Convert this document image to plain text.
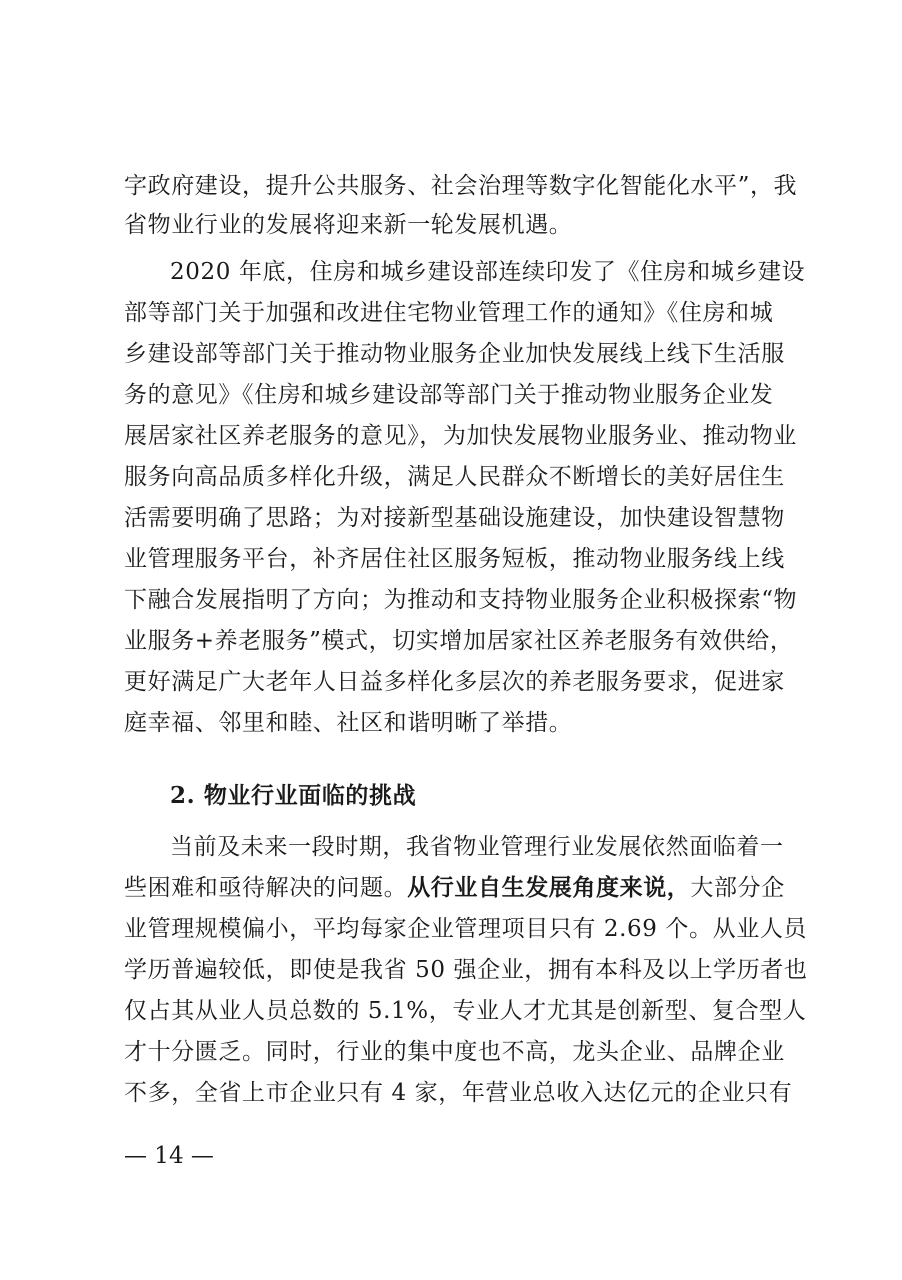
字政府建设，提升公共服务、社会治理等数字化智能化水平”，我
省物业行业的发展将迎来新一轮发展机遇。
2020 年底，住房和城乡建设部连续印发了《住房和城乡建设
部等部门关于加强和改进住宅物业管理工作的通知》《住房和城
乡建设部等部门关于推动物业服务企业加快发展线上线下生活服
务的意见》《住房和城乡建设部等部门关于推动物业服务企业发
展居家社区养老服务的意见》，为加快发展物业服务业、推动物业
服务向高品质多样化升级，满足人民群众不断增长的美好居住生
活需要明确了思路；为对接新型基础设施建设，加快建设智慧物
业管理服务平台，补齐居住社区服务短板，推动物业服务线上线
下融合发展指明了方向；为推动和支持物业服务企业积极探索“物
业服务+养老服务”模式，切实增加居家社区养老服务有效供给，
更好满足广大老年人日益多样化多层次的养老服务要求，促进家
庭幸福、邻里和睦、社区和谐明晰了举措。
2. 物业行业面临的挑战
当前及未来一段时期，我省物业管理行业发展依然面临着一
些困难和亟待解决的问题。从行业自生发展角度来说，大部分企
业管理规模偏小，平均每家企业管理项目只有 2.69 个。从业人员
学历普遍较低，即使是我省 50 强企业，拥有本科及以上学历者也
仅占其从业人员总数的 5.1%，专业人才尤其是创新型、复合型人
才十分匮乏。同时，行业的集中度也不高，龙头企业、品牌企业
不多，全省上市企业只有 4 家，年营业总收入达亿元的企业只有
— 14 —
